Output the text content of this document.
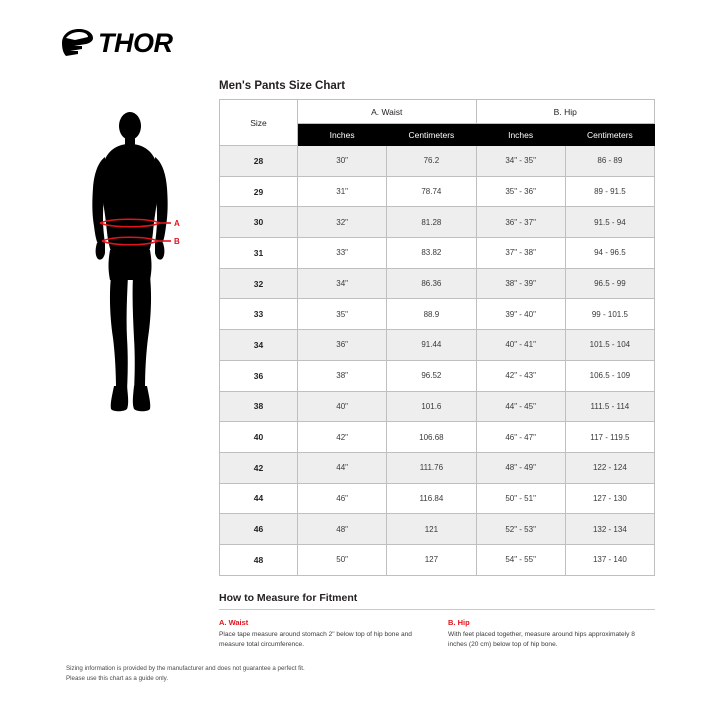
THOR
A
B
Men's Pants Size Chart
Size	A. Waist		B. Hip	
	Inches	Centimeters	Inches	Centimeters
28	30"	76.2	34" - 35"	86 - 89
29	31"	78.74	35" - 36"	89 - 91.5
30	32"	81.28	36" - 37"	91.5 - 94
31	33"	83.82	37" - 38"	94 - 96.5
32	34"	86.36	38" - 39"	96.5 - 99
33	35"	88.9	39" - 40"	99 - 101.5
34	36"	91.44	40" - 41"	101.5 - 104
36	38"	96.52	42" - 43"	106.5 - 109
38	40"	101.6	44" - 45"	111.5 - 114
40	42"	106.68	46" - 47"	117 - 119.5
42	44"	111.76	48" - 49"	122 - 124
44	46"	116.84	50" - 51"	127 - 130
46	48"	121	52" - 53"	132 - 134
48	50"	127	54" - 55"	137 - 140
How to Measure for Fitment
A. Waist
Place tape measure around stomach 2" below top of hip bone and measure total circumference.
B. Hip
With feet placed together, measure around hips approximately 8 inches (20 cm) below top of hip bone.
Sizing information is provided by the manufacturer and does not guarantee a perfect fit.
Please use this chart as a guide only.
